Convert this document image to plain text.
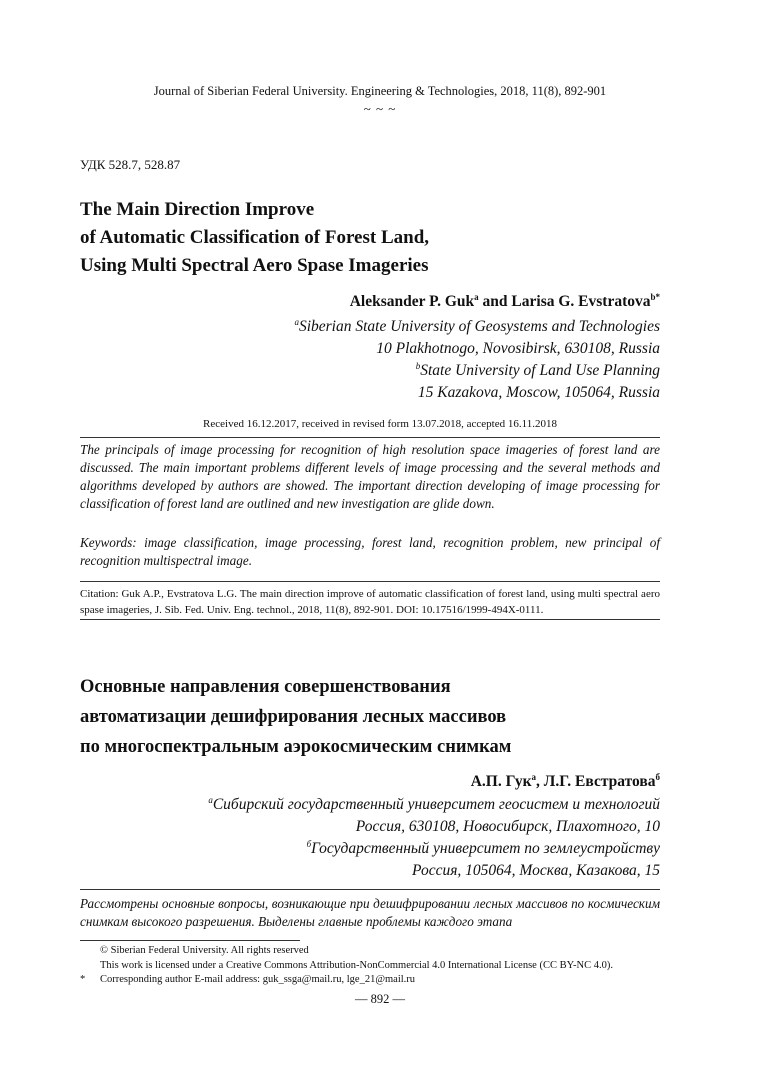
Journal of Siberian Federal University. Engineering & Technologies, 2018, 11(8), 892-901
~ ~ ~
УДК 528.7, 528.87
The Main Direction Improve
of Automatic Classification of Forest Land,
Using Multi Spectral Aero Spase Imageries
Aleksander P. Guk$^a$ and Larisa G. Evstratova$^{b*}$
$^a$Siberian State University of Geosystems and Technologies
10 Plakhotnogo, Novosibirsk, 630108, Russia
$^b$State University of Land Use Planning
15 Kazakova, Moscow, 105064, Russia
Received 16.12.2017, received in revised form 13.07.2018, accepted 16.11.2018
The principals of image processing for recognition of high resolution space imageries of forest land are discussed. The main important problems different levels of image processing and the several methods and algorithms developed by authors are showed. The important direction developing of image processing for classification of forest land are outlined and new investigation are glide down.
Keywords: image classification, image processing, forest land, recognition problem, new principal of recognition multispectral image.
Citation: Guk A.P., Evstratova L.G. The main direction improve of automatic classification of forest land, using multi spectral aero spase imageries, J. Sib. Fed. Univ. Eng. technol., 2018, 11(8), 892-901. DOI: 10.17516/1999-494X-0111.
Основные направления совершенствования
автоматизации дешифрирования лесных массивов
по многоспектральным аэрокосмическим снимкам
А.П. Гук$^а$, Л.Г. Евстратова$^б$
$^а$Сибирский государственный университет геосистем и технологий
Россия, 630108, Новосибирск, Плахотного, 10
$^б$Государственный университет по землеустройству
Россия, 105064, Москва, Казакова, 15
Рассмотрены основные вопросы, возникающие при дешифрировании лесных массивов по космическим снимкам высокого разрешения. Выделены главные проблемы каждого этапа
© Siberian Federal University. All rights reserved
This work is licensed under a Creative Commons Attribution-NonCommercial 4.0 International License (CC BY-NC 4.0).
* Corresponding author E-mail address: guk_ssga@mail.ru, lge_21@mail.ru
— 892 —
